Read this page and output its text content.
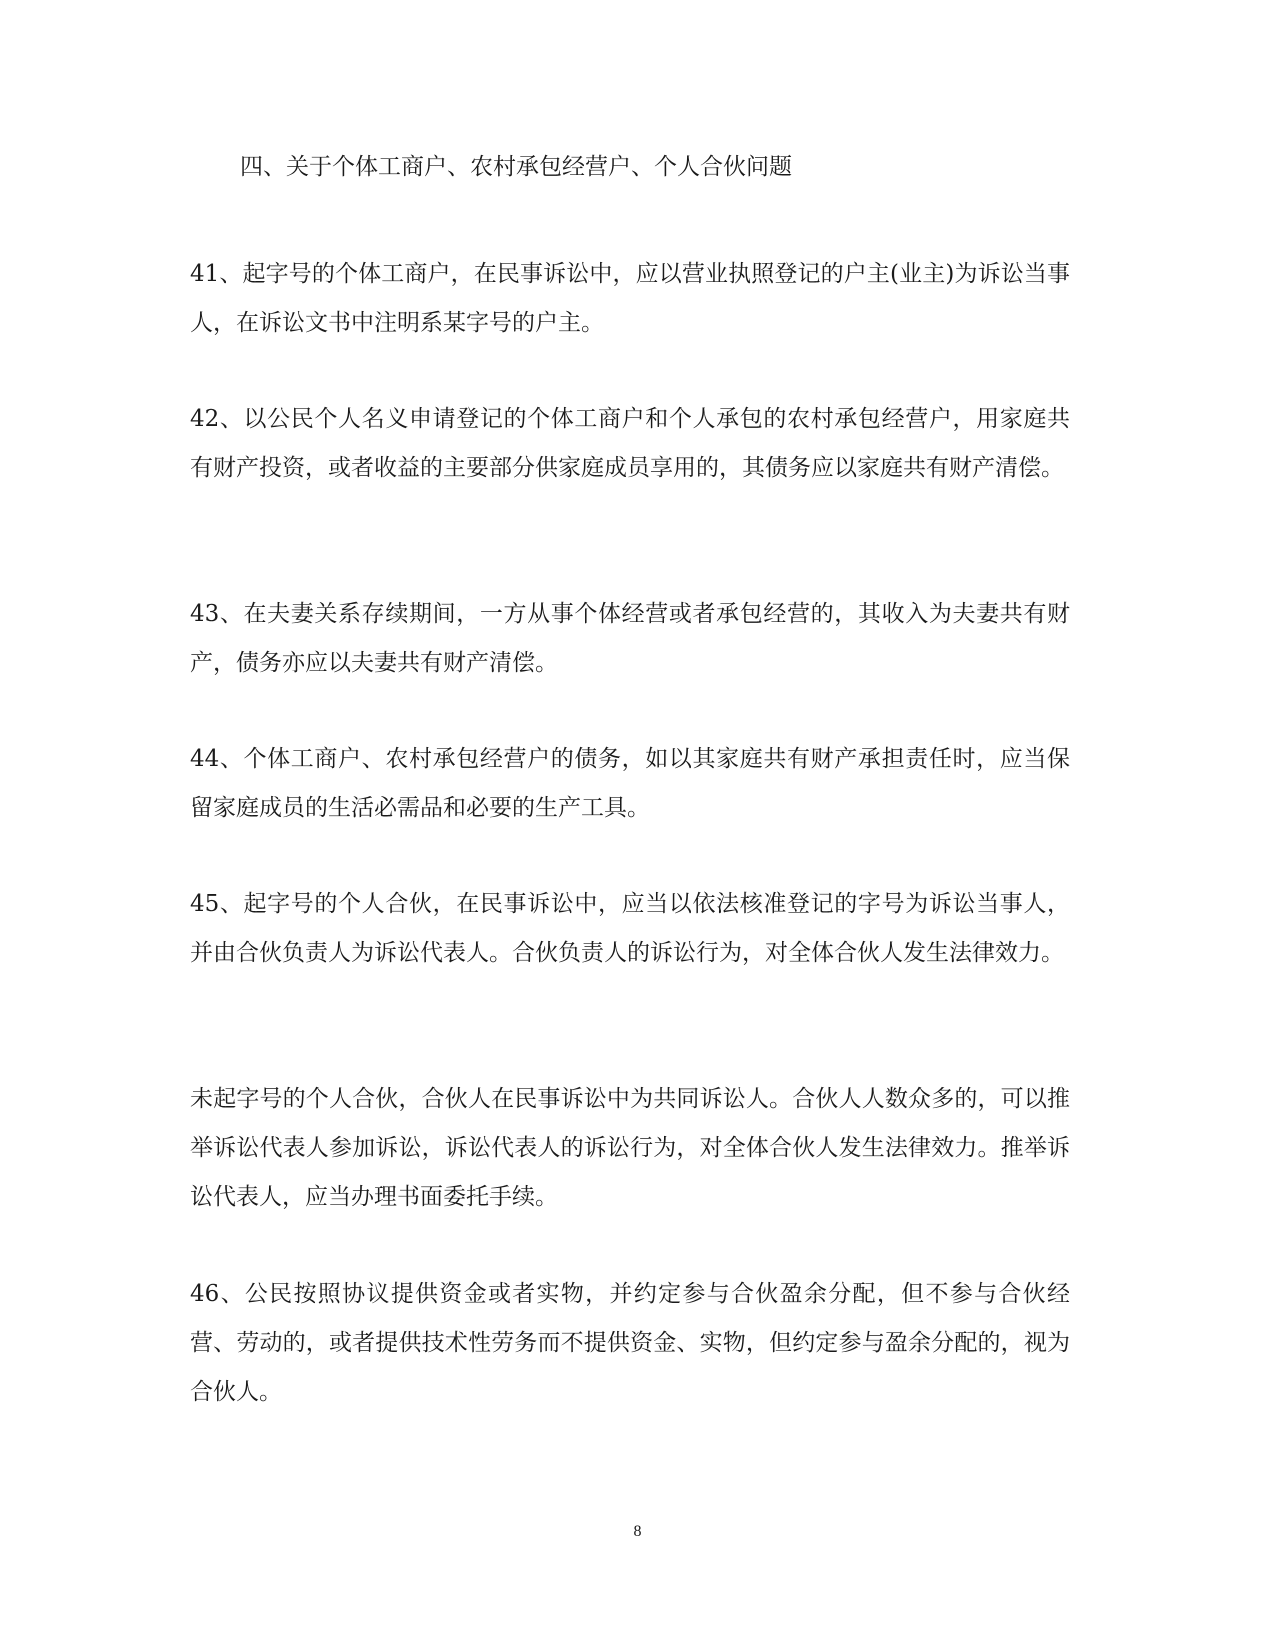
四、关于个体工商户、农村承包经营户、个人合伙问题

41、起字号的个体工商户，在民事诉讼中，应以营业执照登记的户主(业主)为诉讼当事人，在诉讼文书中注明系某字号的户主。

42、以公民个人名义申请登记的个体工商户和个人承包的农村承包经营户，用家庭共有财产投资，或者收益的主要部分供家庭成员享用的，其债务应以家庭共有财产清偿。

43、在夫妻关系存续期间，一方从事个体经营或者承包经营的，其收入为夫妻共有财产，债务亦应以夫妻共有财产清偿。

44、个体工商户、农村承包经营户的债务，如以其家庭共有财产承担责任时，应当保留家庭成员的生活必需品和必要的生产工具。

45、起字号的个人合伙，在民事诉讼中，应当以依法核准登记的字号为诉讼当事人，并由合伙负责人为诉讼代表人。合伙负责人的诉讼行为，对全体合伙人发生法律效力。

未起字号的个人合伙，合伙人在民事诉讼中为共同诉讼人。合伙人人数众多的，可以推举诉讼代表人参加诉讼，诉讼代表人的诉讼行为，对全体合伙人发生法律效力。推举诉讼代表人，应当办理书面委托手续。

46、公民按照协议提供资金或者实物，并约定参与合伙盈余分配，但不参与合伙经营、劳动的，或者提供技术性劳务而不提供资金、实物，但约定参与盈余分配的，视为合伙人。

8
